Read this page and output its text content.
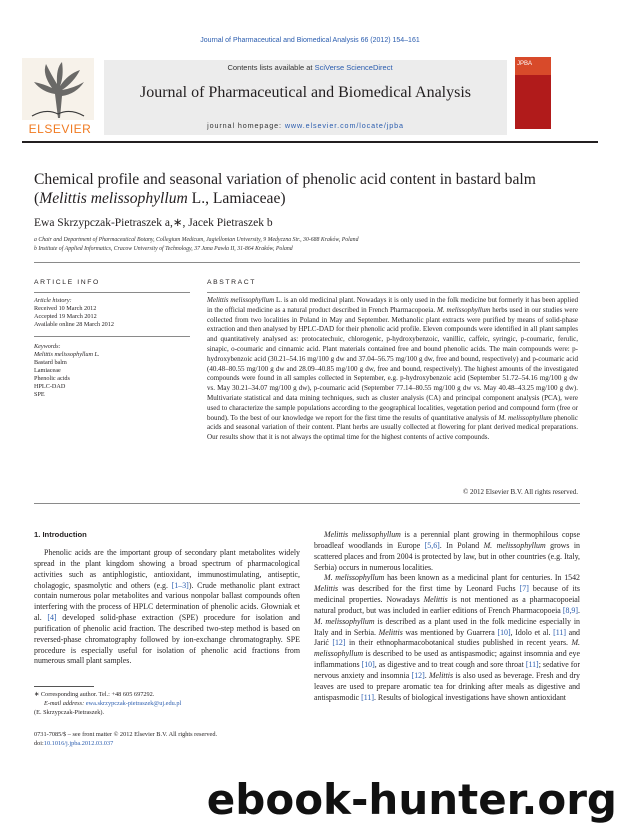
Journal of Pharmaceutical and Biomedical Analysis 66 (2012) 154–161
ELSEVIER
Contents lists available at SciVerse ScienceDirect
Journal of Pharmaceutical and Biomedical Analysis
journal homepage: www.elsevier.com/locate/jpba
JPBA
Chemical profile and seasonal variation of phenolic acid content in bastard balm
(Melittis melissophyllum L., Lamiaceae)
Ewa Skrzypczak-Pietraszek a,∗, Jacek Pietraszek b
a Chair and Department of Pharmaceutical Botany, Collegium Medicum, Jagiellonian University, 9 Medyczna Str., 30-688 Kraków, Poland
b Institute of Applied Informatics, Cracow University of Technology, 37 Jana Pawła II, 31-864 Kraków, Poland
ARTICLE INFO
Article history:
Received 10 March 2012
Accepted 19 March 2012
Available online 28 March 2012
Keywords:
Melittis melissophyllum L.
Bastard balm
Lamiaceae
Phenolic acids
HPLC-DAD
SPE
ABSTRACT
Melittis melissophyllum L. is an old medicinal plant. Nowadays it is only used in the folk medicine but formerly it has been applied in the official medicine as a natural product described in French Pharmacopoeia. M. melissophyllum herbs used in our studies were collected from two localities in Poland in May and September. Methanolic plant extracts were purified by means of solid-phase extraction and then analysed by HPLC-DAD for their phenolic acid profile. Eleven compounds were identified in all plant samples and quantitatively analysed as: protocatechuic, chlorogenic, p-hydroxybenzoic, vanillic, caffeic, syringic, p-coumaric, ferulic, sinapic, o-coumaric and cinnamic acid. Plant materials contained free and bound phenolic acids. The main compounds were: p-hydroxybenzoic acid (30.21–54.16 mg/100 g dw and 37.04–56.75 mg/100 g dw, free and bound, respectively) and p-coumaric acid (40.48–80.55 mg/100 g dw and 28.09–40.85 mg/100 g dw, free and bound, respectively). The highest amounts of the investigated compounds were found in all samples collected in September, e.g. p-hydroxybenzoic acid (September 51.72–54.16 mg/100 g dw vs. May 30.21–34.07 mg/100 g dw), p-coumaric acid (September 77.14–80.55 mg/100 g dw vs. May 40.48–43.25 mg/100 g dw). Multivariate statistical and data mining techniques, such as cluster analysis (CA) and principal component analysis (PCA), were used to characterize the sample populations according to the geographical localities, vegetation period and compound form (free or bound). To the best of our knowledge we report for the first time the results of quantitative analysis of M. melissophyllum phenolic acids and seasonal variation of their content. Plant herbs are usually collected at flowering for plant derived medical preparations. Our results show that it is not always the optimal time for the highest contents of active compounds.
© 2012 Elsevier B.V. All rights reserved.
1. Introduction

Phenolic acids are the important group of secondary plant metabolites widely spread in the plant kingdom showing a broad spectrum of pharmacological activities such as antiphlogistic, antioxidant, immunostimulating, antiseptic, cholagogic, spasmolytic and others (e.g. [1–3]). Crude methanolic plant extract contain numerous polar metabolites and various nonpolar ballast compounds often interfering with the process of HPLC determination of phenolic acids. Głowniak et al. [4] developed solid-phase extraction (SPE) procedure for isolation and purification of phenolic acid fraction. The described two-step method is based on reversed-phase chromatography followed by ion-exchange chromatography. SPE procedure is especially useful for isolation of phenolic acid fractions from numerous small plant samples.

Melittis melissophyllum is a perennial plant growing in thermophilous copse broadleaf woodlands in Europe [5,6]. In Poland M. melissophyllum grows in scattered places and from 2004 is protected by law, but in other countries (e.g. Italy, Serbia) occurs in numerous localities.

M. melissophyllum has been known as a medicinal plant for centuries. In 1542 Melittis was described for the first time by Leonard Fuchs [7] because of its medicinal properties. Nowadays Melittis is not mentioned as a pharmacopoeial natural product, but was included in earlier editions of French Pharmacopoeia [8,9]. M. melissophyllum is described as a plant used in the folk medicine especially in Italy and in Serbia. Melittis was mentioned by Guarrera [10], Idolo et al. [11] and Jarić [12] in their ethnopharmacobotanical studies published in recent years. M. melissophyllum is described to be used as antispasmodic; against insomnia and eye inflammations [10], as digestive and to treat cough and sore throat [11]; sedative for nervous anxiety and insomnia [12]. Melittis is also used as beverage. Fresh and dry leaves are used to prepare aromatic tea for drinking after meals as digestive and antispasmodic [11]. Results of biological investigations have shown antioxidant

∗ Corresponding author. Tel.: +48 605 697292.
E-mail address: ewa.skrzypczak-pietraszek@uj.edu.pl
(E. Skrzypczak-Pietraszek).
0731-7085/$ – see front matter © 2012 Elsevier B.V. All rights reserved.
doi:10.1016/j.jpba.2012.03.037
ebook-hunter.org
